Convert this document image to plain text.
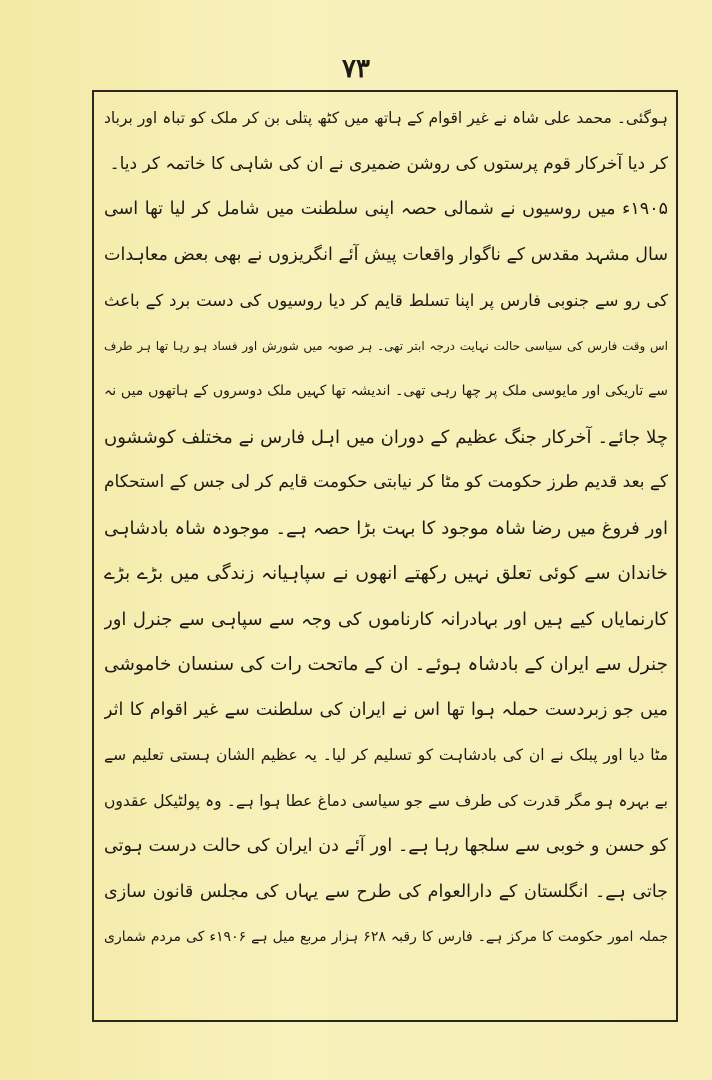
۷۳
ہوگئی۔ محمد علی شاہ نے غیر اقوام کے ہاتھ میں کٹھ پتلی بن کر ملک کو تباہ اور برباد
کر دیا آخرکار قوم پرستوں کی روشن ضمیری نے ان کی شاہی کا خاتمہ کر دیا۔
۱۹۰۵ء میں روسیوں نے شمالی حصہ اپنی سلطنت میں شامل کر لیا تھا اسی
سال مشہد مقدس کے ناگوار واقعات پیش آئے انگریزوں نے بھی بعض معاہدات
کی رو سے جنوبی فارس پر اپنا تسلط قایم کر دیا روسیوں کی دست برد کے باعث
اس وقت فارس کی سیاسی حالت نہایت درجہ ابتر تھی۔ ہر صوبہ میں شورش اور فساد ہو رہا تھا ہر طرف
سے تاریکی اور مایوسی ملک پر چھا رہی تھی۔ اندیشہ تھا کہیں ملک دوسروں کے ہاتھوں میں نہ
چلا جائے۔ آخرکار جنگ عظیم کے دوران میں اہل فارس نے مختلف کوششوں
کے بعد قدیم طرز حکومت کو مٹا کر نیابتی حکومت قایم کر لی جس کے استحکام
اور فروغ میں رضا شاہ موجود کا بہت بڑا حصہ ہے۔ موجودہ شاہ بادشاہی
خاندان سے کوئی تعلق نہیں رکھتے انھوں نے سپاہیانہ زندگی میں بڑے بڑے
کارنمایاں کیے ہیں اور بہادرانہ کارناموں کی وجہ سے سپاہی سے جنرل اور
جنرل سے ایران کے بادشاہ ہوئے۔ ان کے ماتحت رات کی سنسان خاموشی
میں جو زبردست حملہ ہوا تھا اس نے ایران کی سلطنت سے غیر اقوام کا اثر
مٹا دیا اور پبلک نے ان کی بادشاہت کو تسلیم کر لیا۔ یہ عظیم الشان ہستی تعلیم سے
بے بہرہ ہو مگر قدرت کی طرف سے جو سیاسی دماغ عطا ہوا ہے۔ وہ پولٹیکل عقدوں
کو حسن و خوبی سے سلجھا رہا ہے۔ اور آئے دن ایران کی حالت درست ہوتی
جاتی ہے۔ انگلستان کے دارالعوام کی طرح سے یہاں کی مجلس قانون سازی
جملہ امور حکومت کا مرکز ہے۔ فارس کا رقبہ ۶۲۸ ہزار مربع میل ہے ۱۹۰۶ء کی مردم شماری
